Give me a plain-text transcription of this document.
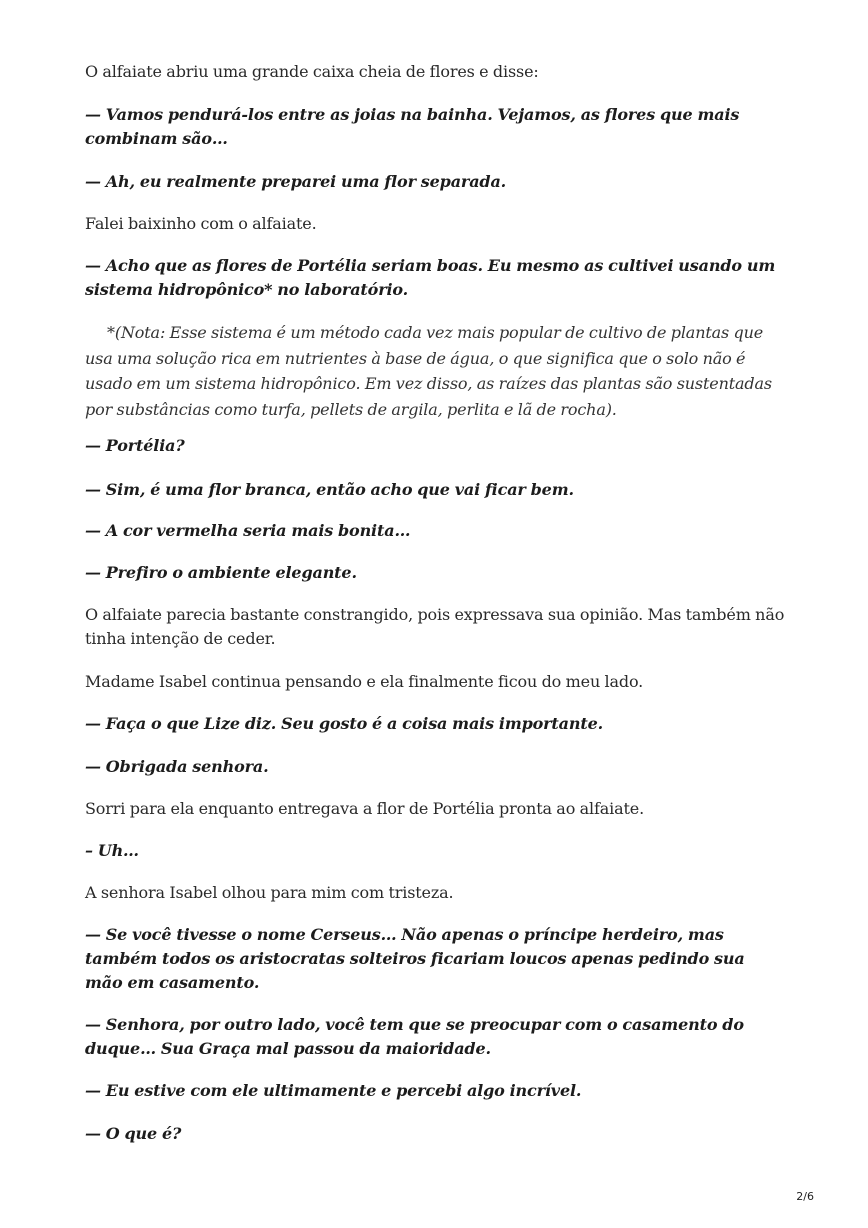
O alfaiate abriu uma grande caixa cheia de flores e disse:

— Vamos pendurá-los entre as joias na bainha. Vejamos, as flores que mais combinam são…

— Ah, eu realmente preparei uma flor separada.

Falei baixinho com o alfaiate.

— Acho que as flores de Portélia seriam boas. Eu mesmo as cultivei usando um sistema hidropônico* no laboratório.

*(Nota: Esse sistema é um método cada vez mais popular de cultivo de plantas que usa uma solução rica em nutrientes à base de água, o que significa que o solo não é usado em um sistema hidropônico. Em vez disso, as raízes das plantas são sustentadas por substâncias como turfa, pellets de argila, perlita e lã de rocha).

— Portélia?

— Sim, é uma flor branca, então acho que vai ficar bem.

— A cor vermelha seria mais bonita…

— Prefiro o ambiente elegante.

O alfaiate parecia bastante constrangido, pois expressava sua opinião. Mas também não tinha intenção de ceder.

Madame Isabel continua pensando e ela finalmente ficou do meu lado.

— Faça o que Lize diz. Seu gosto é a coisa mais importante.

— Obrigada senhora.

Sorri para ela enquanto entregava a flor de Portélia pronta ao alfaiate.

– Uh…

A senhora Isabel olhou para mim com tristeza.

— Se você tivesse o nome Cerseus… Não apenas o príncipe herdeiro, mas também todos os aristocratas solteiros ficariam loucos apenas pedindo sua mão em casamento.

— Senhora, por outro lado, você tem que se preocupar com o casamento do duque… Sua Graça mal passou da maioridade.

— Eu estive com ele ultimamente e percebi algo incrível.

— O que é?

2/6
